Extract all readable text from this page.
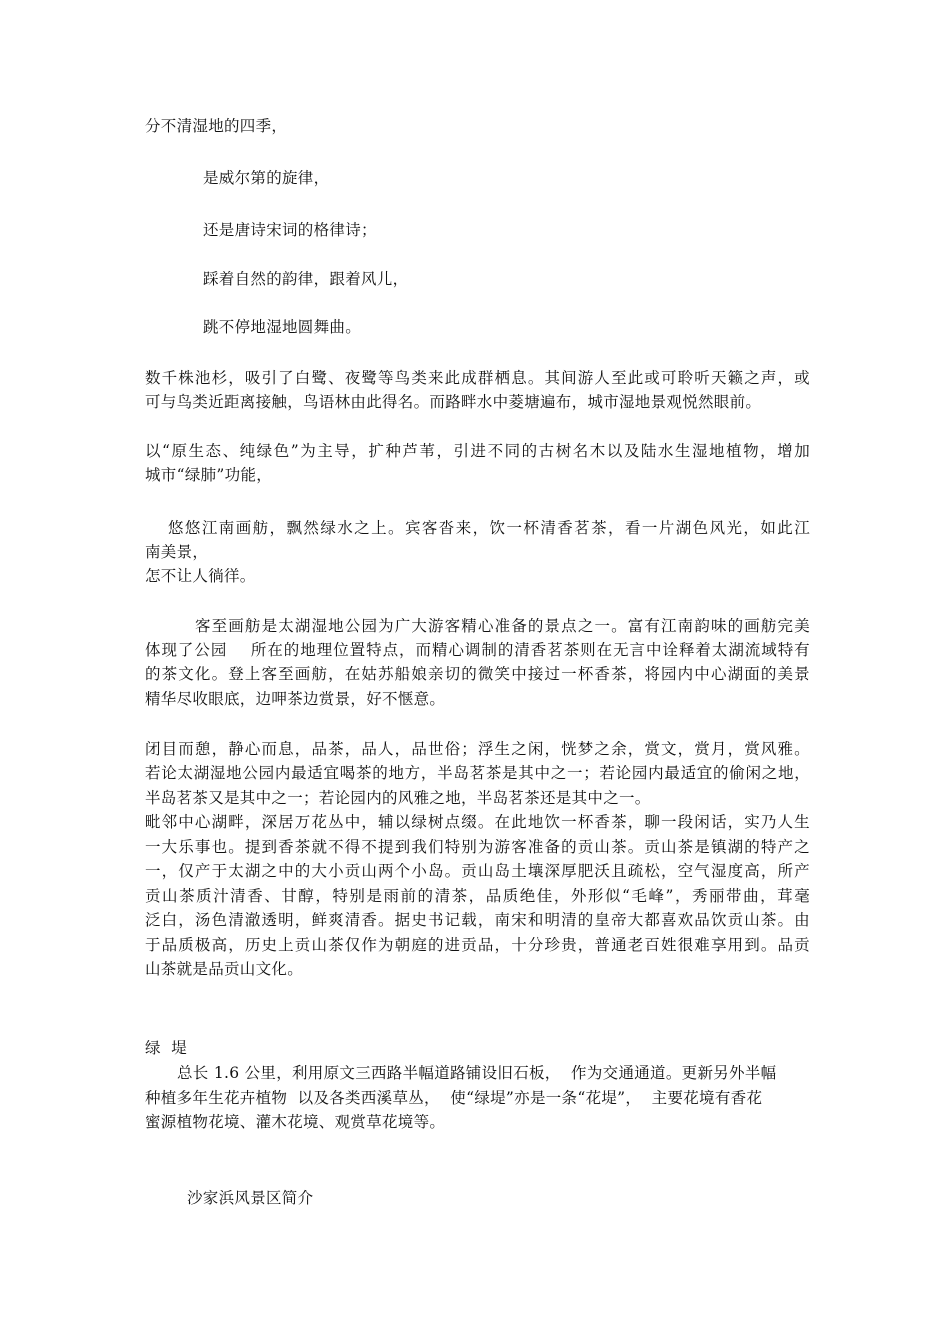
分不清湿地的四季，
是威尔第的旋律，
还是唐诗宋词的格律诗；
踩着自然的韵律，跟着风儿，
跳不停地湿地圆舞曲。
数千株池杉，吸引了白鹭、夜鹭等鸟类来此成群栖息。其间游人至此或可聆听天籁之声，或
可与鸟类近距离接触，鸟语林由此得名。而路畔水中菱塘遍布，城市湿地景观悦然眼前。
以“原生态、纯绿色”为主导，扩种芦苇，引进不同的古树名木以及陆水生湿地植物，增加
城市“绿肺”功能，
悠悠江南画舫，飘然绿水之上。宾客沓来，饮一杯清香茗茶，看一片湖色风光，如此江
南美景，
怎不让人徜徉。
客至画舫是太湖湿地公园为广大游客精心准备的景点之一。富有江南韵味的画舫完美
体现了公园    所在的地理位置特点，而精心调制的清香茗茶则在无言中诠释着太湖流域特有
的茶文化。登上客至画舫，在姑苏船娘亲切的微笑中接过一杯香茶，将园内中心湖面的美景
精华尽收眼底，边呷茶边赏景，好不惬意。
闭目而憩，静心而息，品茶，品人，品世俗；浮生之闲，恍梦之余，赏文，赏月，赏风雅。
若论太湖湿地公园内最适宜喝茶的地方，半岛茗茶是其中之一；若论园内最适宜的偷闲之地，
半岛茗茶又是其中之一；若论园内的风雅之地，半岛茗茶还是其中之一。
毗邻中心湖畔，深居万花丛中，辅以绿树点缀。在此地饮一杯香茶，聊一段闲话，实乃人生
一大乐事也。提到香茶就不得不提到我们特别为游客准备的贡山茶。贡山茶是镇湖的特产之
一，仅产于太湖之中的大小贡山两个小岛。贡山岛土壤深厚肥沃且疏松，空气湿度高，所产
贡山茶质汁清香、甘醇，特别是雨前的清茶，品质绝佳，外形似“毛峰”，秀丽带曲，茸毫
泛白，汤色清澈透明，鲜爽清香。据史书记载，南宋和明清的皇帝大都喜欢品饮贡山茶。由
于品质极高，历史上贡山茶仅作为朝庭的进贡品，十分珍贵，普通老百姓很难享用到。品贡
山茶就是品贡山文化。
绿  堤
总长 1.6 公里，利用原文三西路半幅道路铺设旧石板，  作为交通通道。更新另外半幅
种植多年生花卉植物  以及各类西溪草丛，  使“绿堤”亦是一条“花堤”，  主要花境有香花
蜜源植物花境、灌木花境、观赏草花境等。
沙家浜风景区简介
